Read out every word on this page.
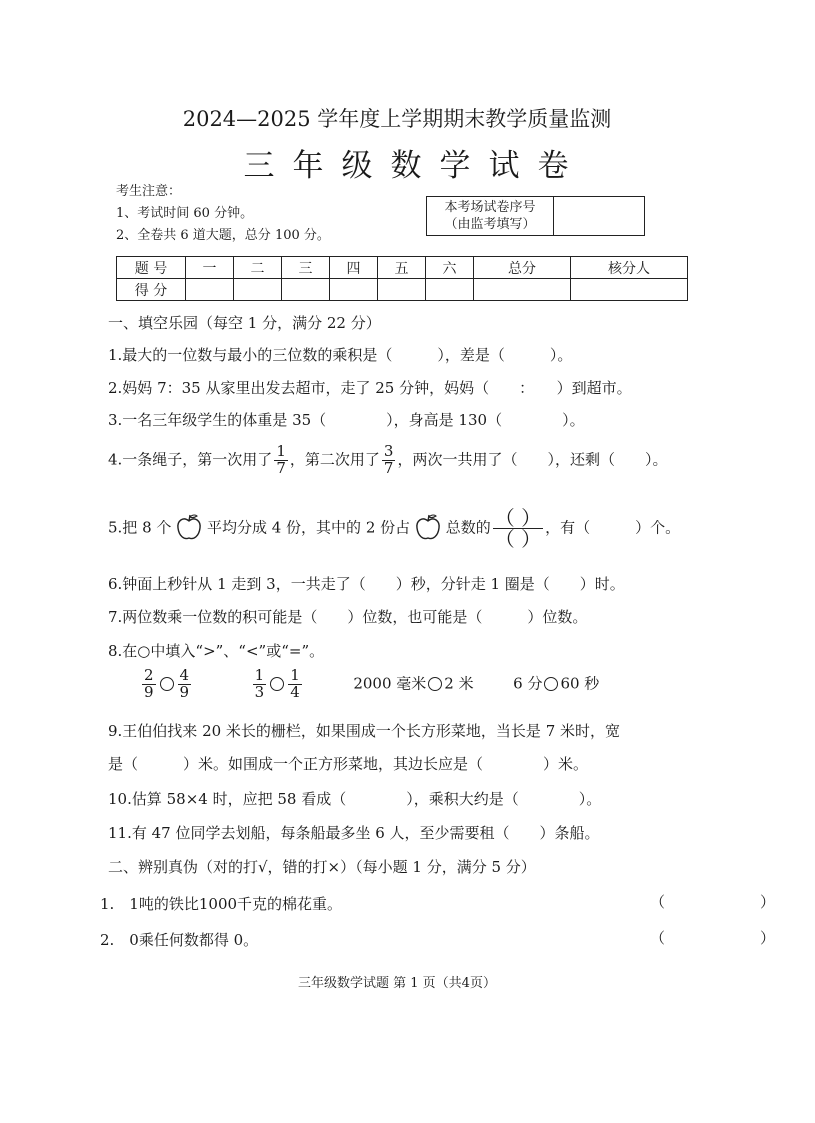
2024—2025 学年度上学期期末教学质量监测
三年级数学试卷
考生注意：
1、考试时间 60 分钟。
2、全卷共 6 道大题，总分 100 分。
本考场试卷序号
（由监考填写）

题 号	一	二	三	四	五	六	总分	核分人
得 分								
一、填空乐园（每空 1 分，满分 22 分）
1.最大的一位数与最小的三位数的乘积是（　　　），差是（　　　）。
2.妈妈 7：35 从家里出发去超市，走了 25 分钟，妈妈（　　：　　）到超市。
3.一名三年级学生的体重是 35（　　　　），身高是 130（　　　　）。
4.一条绳子，第一次用了 $\frac{1}{7}$ ，第二次用了 $\frac{3}{7}$ ，两次一共用了（　　），还剩（　　）。
5.把 8 个 平均分成 4 份，其中的 2 份占 总数的 $\frac{( )}{( )}$ ，有（　　　）个。
6.钟面上秒针从 1 走到 3，一共走了（　　）秒，分针走 1 圈是（　　）时。
7.两位数乘一位数的积可能是（　　）位数，也可能是（　　　）位数。
8.在○中填入“>”、“<”或“=”。
$\frac{2}{9} \frac{4}{9}$
	$\frac{1}{3} \frac{1}{4}$	2000 毫米 2 米	6 分 60 秒
9.王伯伯找来 20 米长的栅栏，如果围成一个长方形菜地，当长是 7 米时，宽
是（　　　）米。如围成一个正方形菜地，其边长应是（　　　　）米。
10.估算 58×4 时，应把 58 看成（　　　　），乘积大约是（　　　　）。
11.有 47 位同学去划船，每条船最多坐 6 人，至少需要租（　　）条船。
二、辨别真伪（对的打√，错的打×）（每小题 1 分，满分 5 分）
1.　1吨的铁比1000千克的棉花重。	（　）
2.　0乘任何数都得 0。	（　）
三年级数学试题 第 1 页（共4页）
